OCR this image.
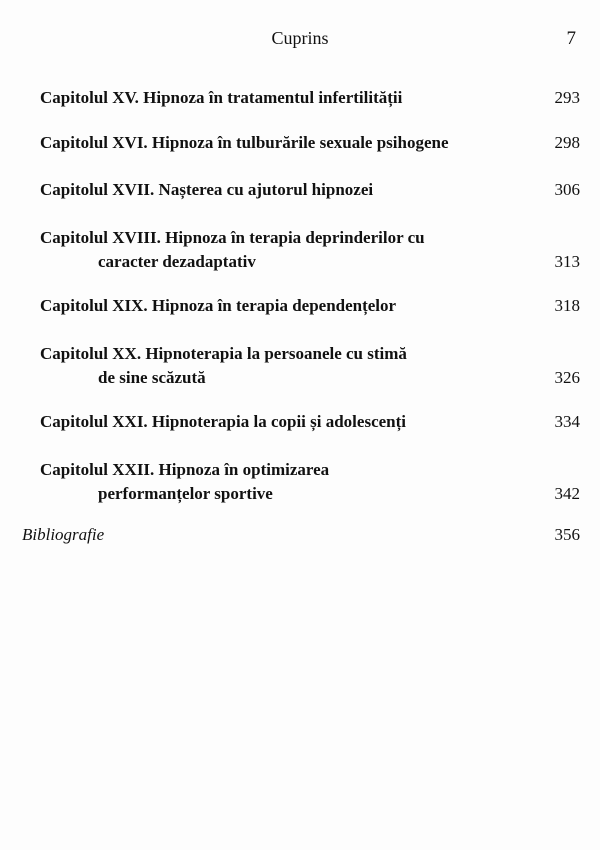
Cuprins	7
Capitolul XV. Hipnoza în tratamentul infertilității	293
Capitolul XVI. Hipnoza în tulburările sexuale psihogene	298
Capitolul XVII. Nașterea cu ajutorul hipnozei	306
Capitolul XVIII. Hipnoza în terapia deprinderilor cu
caracter dezadaptativ	313
Capitolul XIX. Hipnoza în terapia dependențelor	318
Capitolul XX. Hipnoterapia la persoanele cu stimă
de sine scăzută	326
Capitolul XXI. Hipnoterapia la copii și adolescenți	334
Capitolul XXII. Hipnoza în optimizarea
performanțelor sportive	342
Bibliografie	356
